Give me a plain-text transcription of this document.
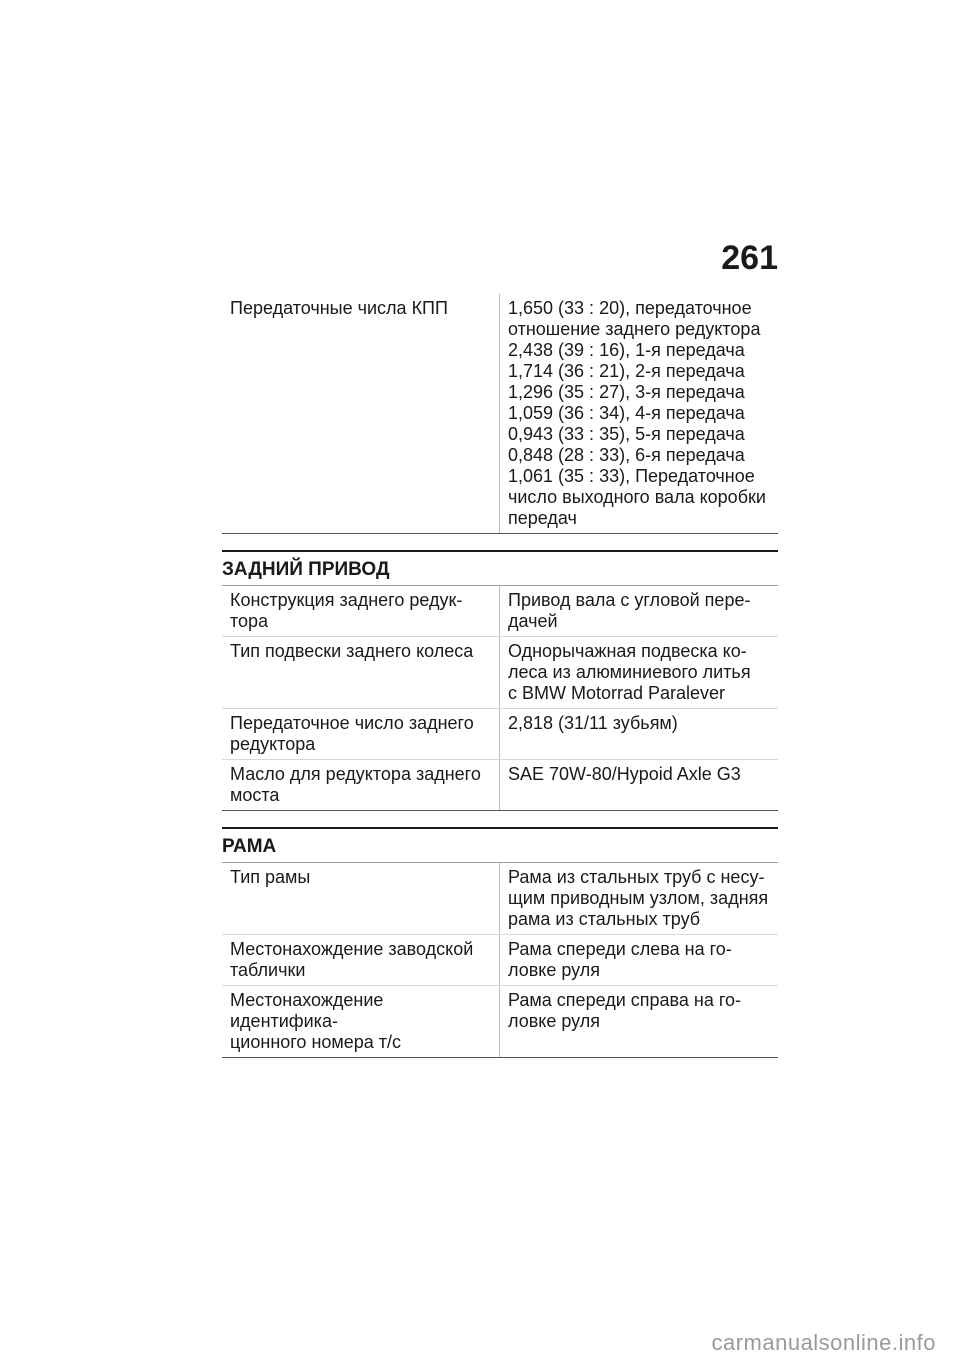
261
Передаточные числа КПП	1,650 (33 : 20), передаточное
отношение заднего редуктора
2,438 (39 : 16), 1-я передача
1,714 (36 : 21), 2-я передача
1,296 (35 : 27), 3-я передача
1,059 (36 : 34), 4-я передача
0,943 (33 : 35), 5-я передача
0,848 (28 : 33), 6-я передача
1,061 (35 : 33), Передаточное
число выходного вала коробки
передач
ЗАДНИЙ ПРИВОД
Конструкция заднего редук-
тора	Привод вала с угловой пере-
дачей

Тип подвески заднего колеса	Однорычажная подвеска ко-
леса из алюминиевого литья
с BMW Motorrad Paralever

Передаточное число заднего
редуктора	2,818 (31/11 зубьям)

Масло для редуктора заднего
моста	SAE 70W-80/Hypoid Axle G3
РАМА
Тип рамы	Рама из стальных труб с несу-
щим приводным узлом, задняя
рама из стальных труб

Местонахождение заводской
таблички	Рама спереди слева на го-
ловке руля

Местонахождение идентифика-
ционного номера т/с	Рама спереди справа на го-
ловке руля
carmanualsonline.info
